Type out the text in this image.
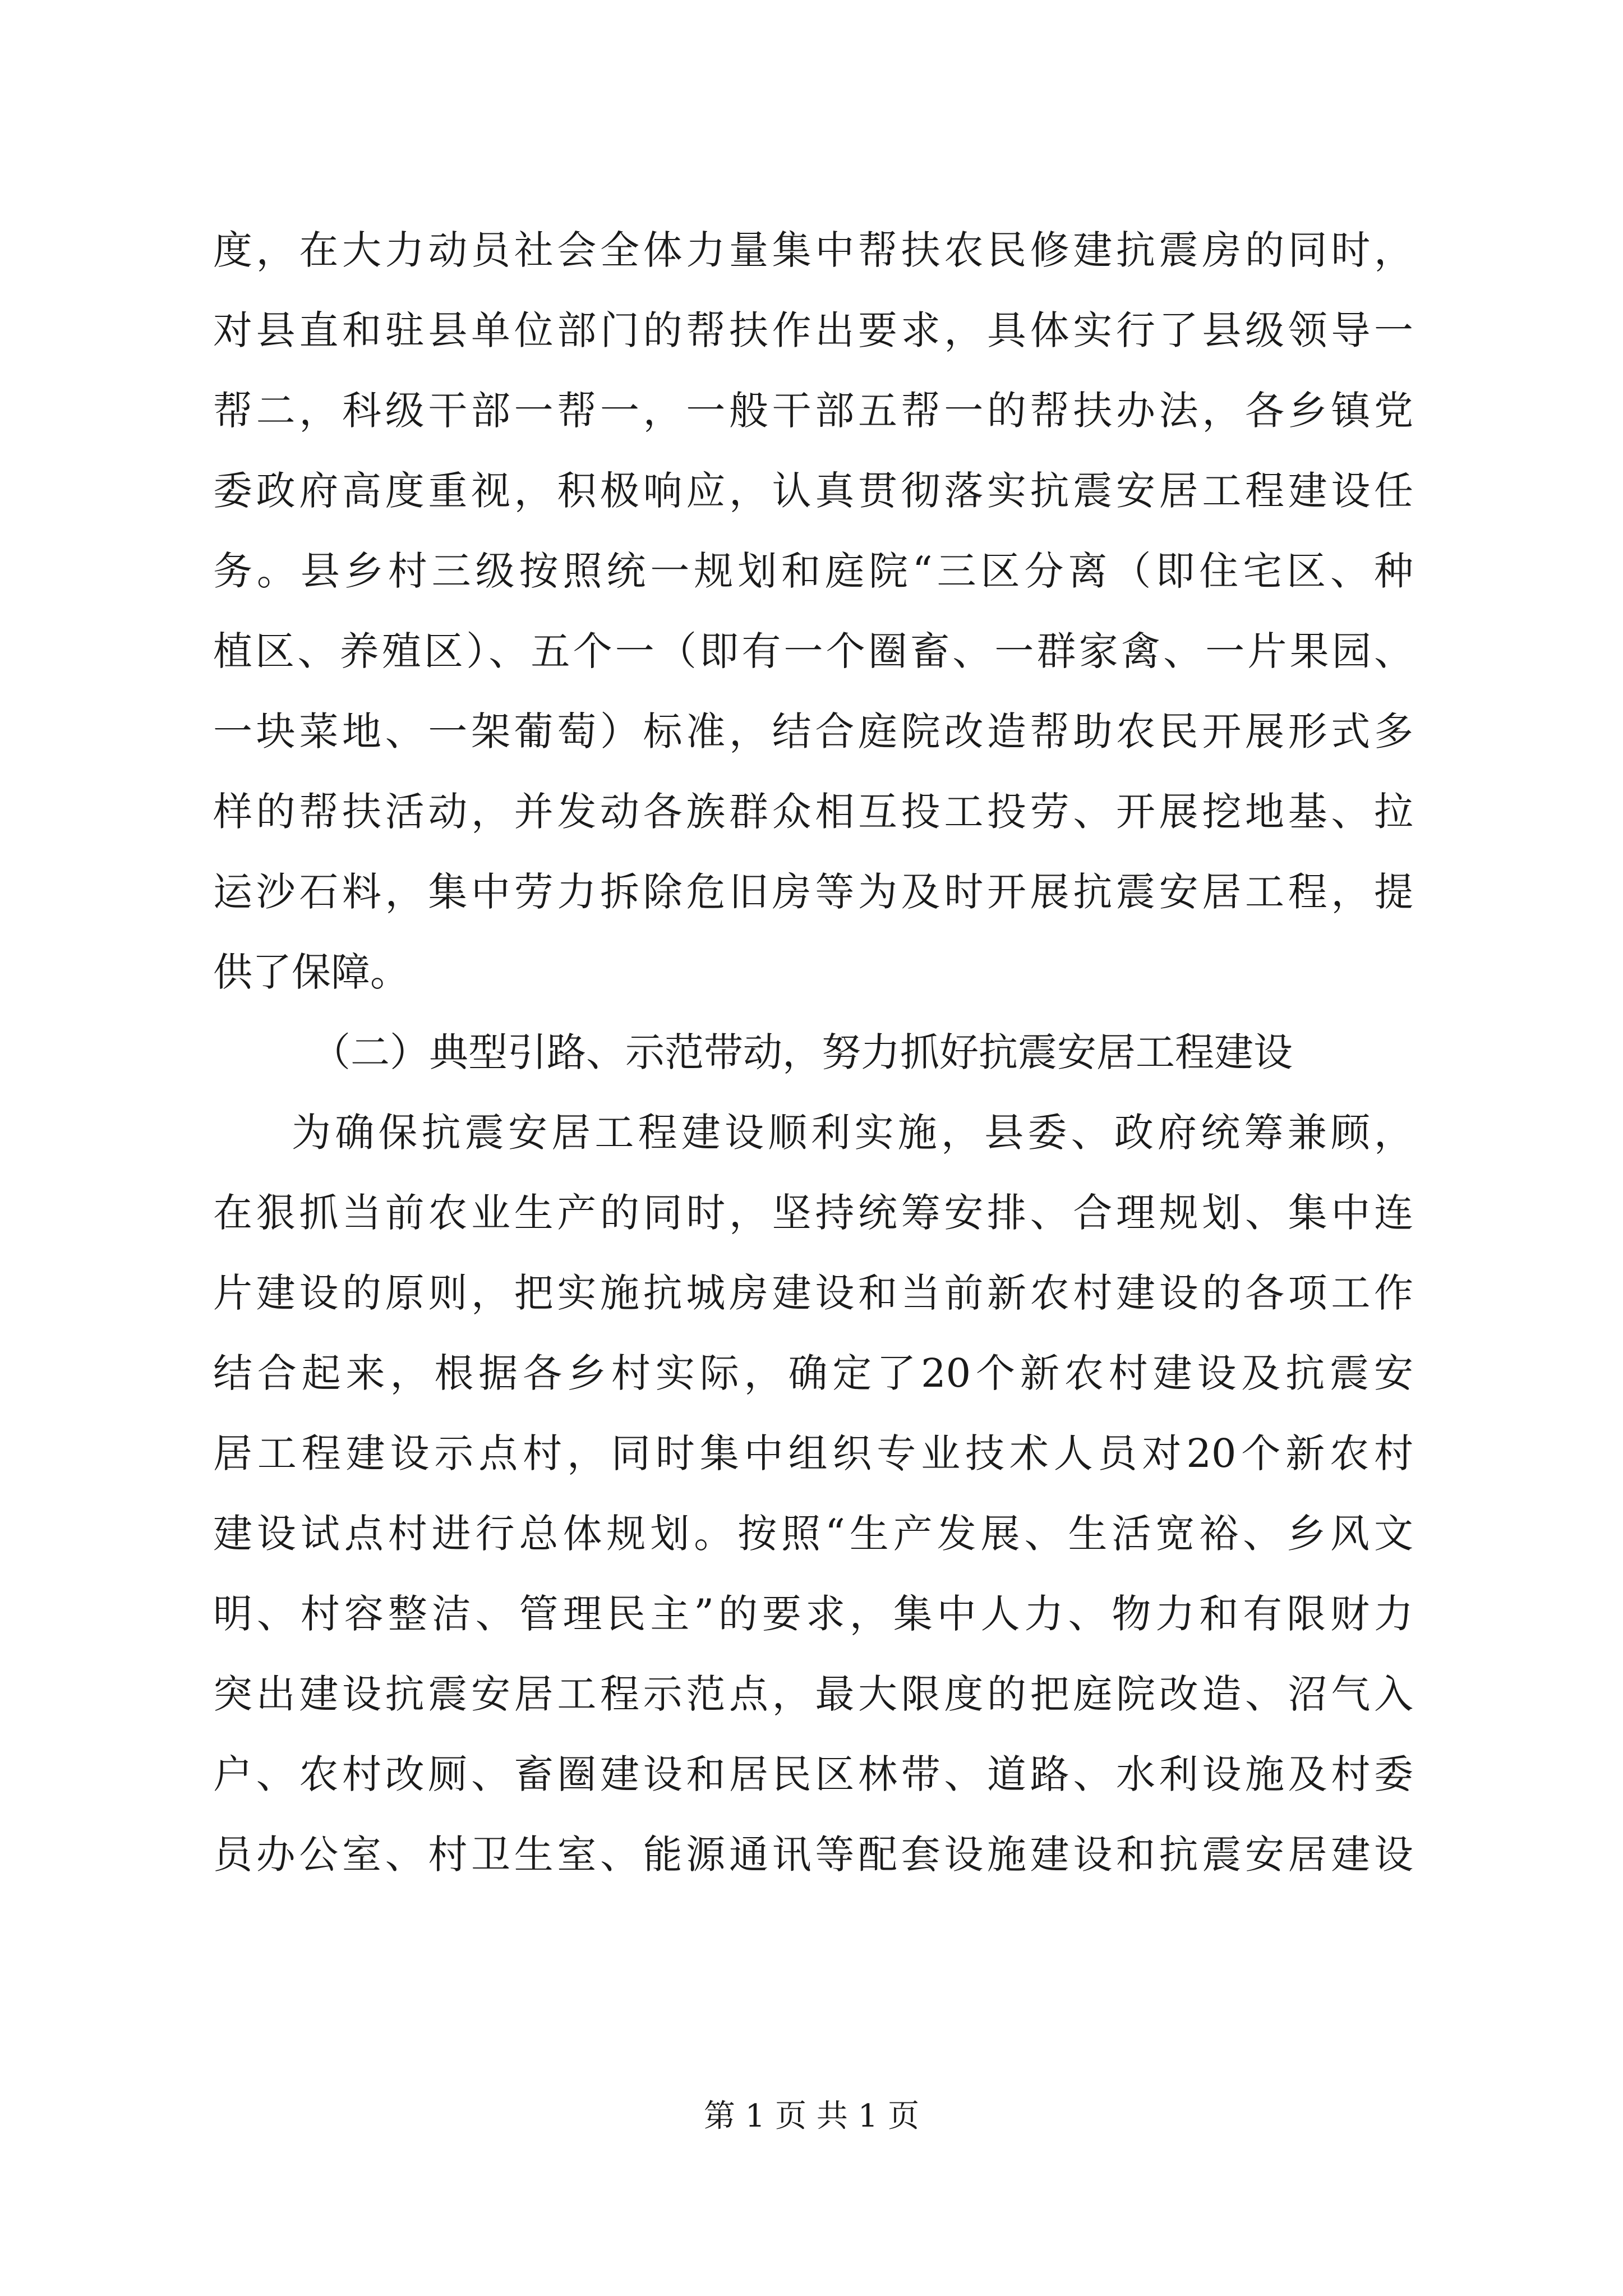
度，在大力动员社会全体力量集中帮扶农民修建抗震房的同时，
对县直和驻县单位部门的帮扶作出要求，具体实行了县级领导一
帮二，科级干部一帮一，一般干部五帮一的帮扶办法，各乡镇党
委政府高度重视，积极响应，认真贯彻落实抗震安居工程建设任
务。县乡村三级按照统一规划和庭院“三区分离（即住宅区、种
植区、养殖区）、五个一（即有一个圈畜、一群家禽、一片果园、
一块菜地、一架葡萄）标准，结合庭院改造帮助农民开展形式多
样的帮扶活动，并发动各族群众相互投工投劳、开展挖地基、拉
运沙石料，集中劳力拆除危旧房等为及时开展抗震安居工程，提
供了保障。
（二）典型引路、示范带动，努力抓好抗震安居工程建设
为确保抗震安居工程建设顺利实施，县委、政府统筹兼顾，
在狠抓当前农业生产的同时，坚持统筹安排、合理规划、集中连
片建设的原则，把实施抗城房建设和当前新农村建设的各项工作
结合起来，根据各乡村实际，确定了20个新农村建设及抗震安
居工程建设示点村，同时集中组织专业技术人员对20个新农村
建设试点村进行总体规划。按照“生产发展、生活宽裕、乡风文
明、村容整洁、管理民主”的要求，集中人力、物力和有限财力
突出建设抗震安居工程示范点，最大限度的把庭院改造、沼气入
户、农村改厕、畜圈建设和居民区林带、道路、水利设施及村委
员办公室、村卫生室、能源通讯等配套设施建设和抗震安居建设
第 1 页 共 1 页
